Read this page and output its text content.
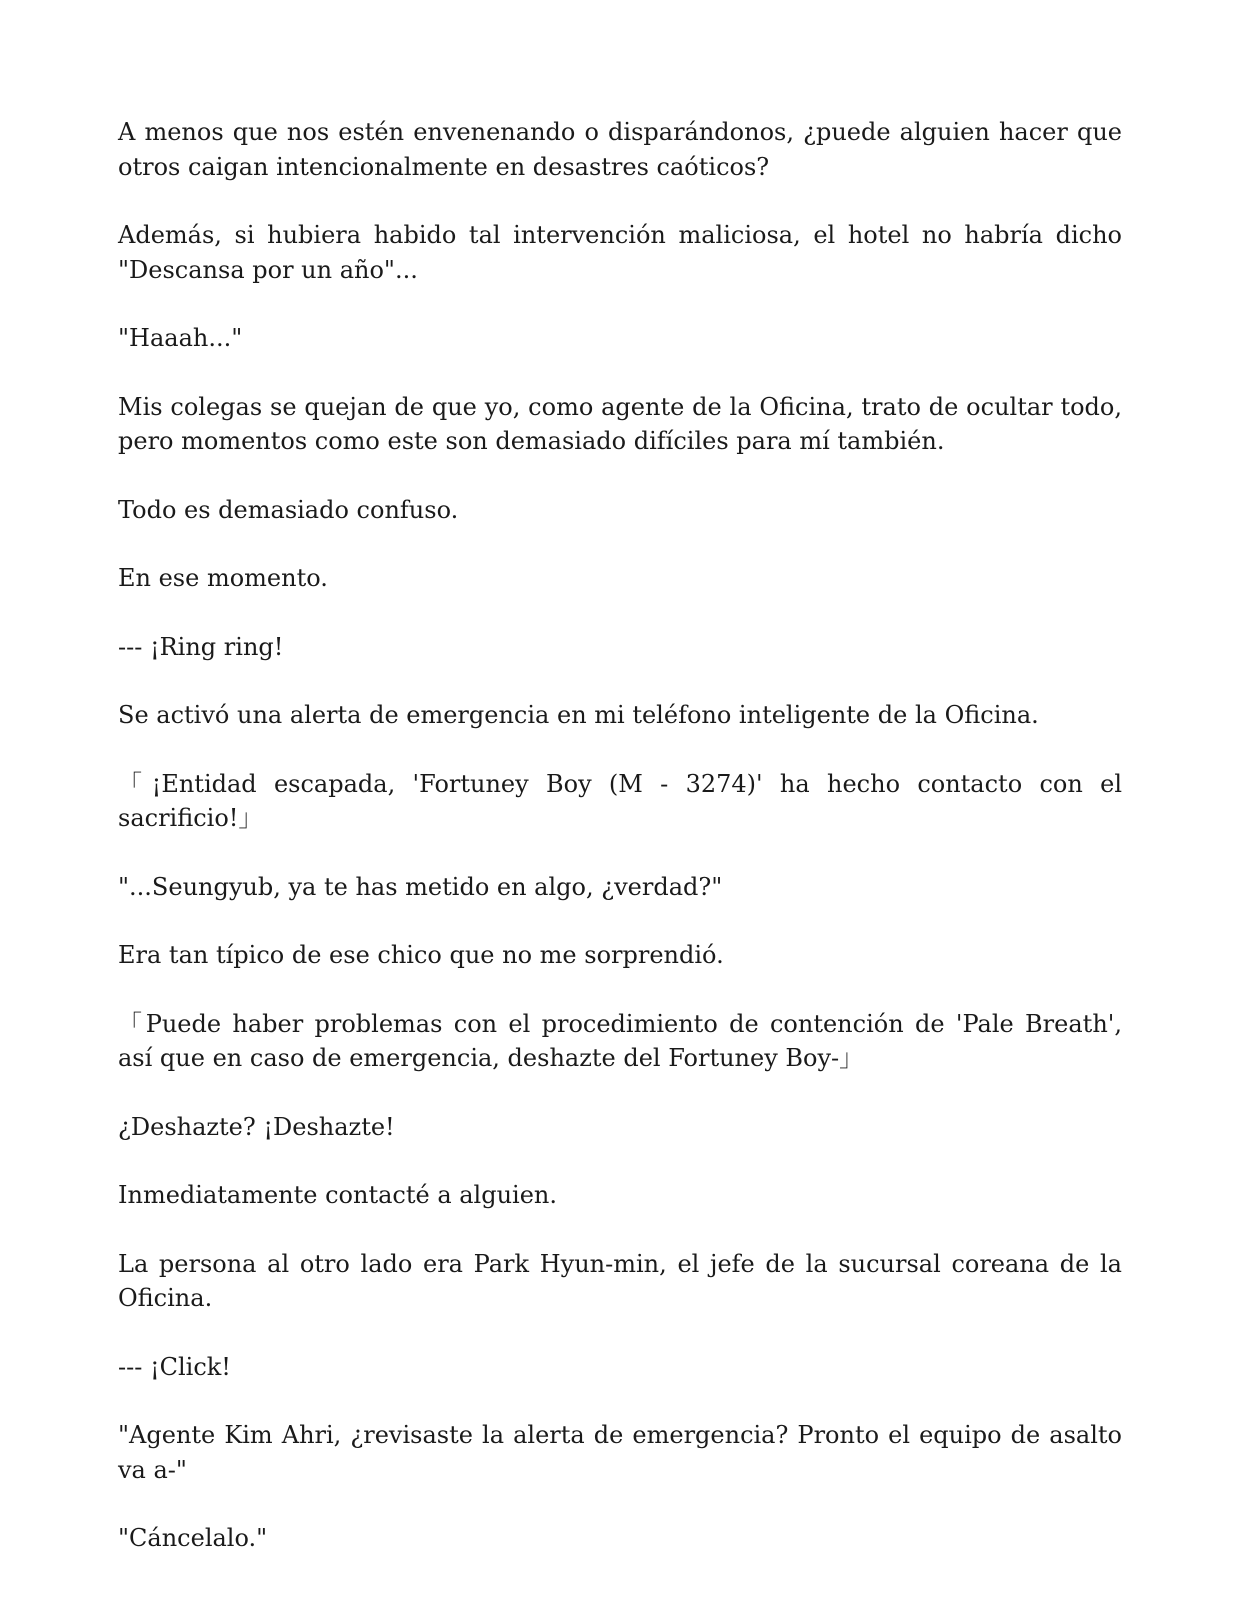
A menos que nos estén envenenando o disparándonos, ¿puede alguien hacer que otros caigan intencionalmente en desastres caóticos?

Además, si hubiera habido tal intervención maliciosa, el hotel no habría dicho "Descansa por un año"...

"Haaah..."

Mis colegas se quejan de que yo, como agente de la Oficina, trato de ocultar todo, pero momentos como este son demasiado difíciles para mí también.

Todo es demasiado confuso.

En ese momento.

--- ¡Ring ring!

Se activó una alerta de emergencia en mi teléfono inteligente de la Oficina.

「¡Entidad escapada, 'Fortuney Boy (M - 3274)' ha hecho contacto con el sacrificio!」

"...Seungyub, ya te has metido en algo, ¿verdad?"

Era tan típico de ese chico que no me sorprendió.

「Puede haber problemas con el procedimiento de contención de 'Pale Breath', así que en caso de emergencia, deshazte del Fortuney Boy-」

¿Deshazte? ¡Deshazte!

Inmediatamente contacté a alguien.

La persona al otro lado era Park Hyun-min, el jefe de la sucursal coreana de la Oficina.

--- ¡Click!

"Agente Kim Ahri, ¿revisaste la alerta de emergencia? Pronto el equipo de asalto va a-"

"Cáncelalo."
